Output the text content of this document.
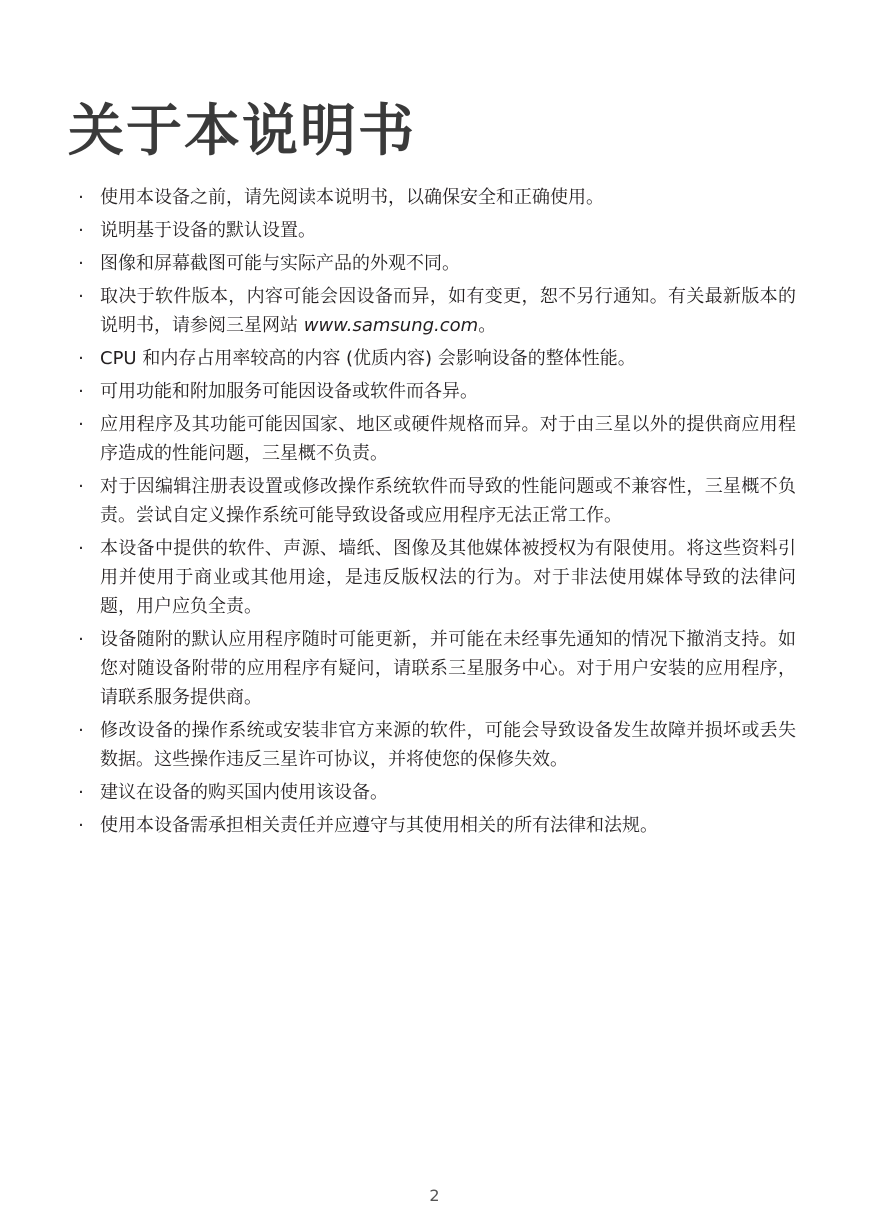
关于本说明书
· 使用本设备之前，请先阅读本说明书，以确保安全和正确使用。
· 说明基于设备的默认设置。
· 图像和屏幕截图可能与实际产品的外观不同。
· 取决于软件版本，内容可能会因设备而异，如有变更，恕不另行通知。有关最新版本的说明书，请参阅三星网站 www.samsung.com。
· CPU 和内存占用率较高的内容 (优质内容) 会影响设备的整体性能。
· 可用功能和附加服务可能因设备或软件而各异。
· 应用程序及其功能可能因国家、地区或硬件规格而异。对于由三星以外的提供商应用程序造成的性能问题，三星概不负责。
· 对于因编辑注册表设置或修改操作系统软件而导致的性能问题或不兼容性，三星概不负责。尝试自定义操作系统可能导致设备或应用程序无法正常工作。
· 本设备中提供的软件、声源、墙纸、图像及其他媒体被授权为有限使用。将这些资料引用并使用于商业或其他用途，是违反版权法的行为。对于非法使用媒体导致的法律问题，用户应负全责。
· 设备随附的默认应用程序随时可能更新，并可能在未经事先通知的情况下撤消支持。如您对随设备附带的应用程序有疑问，请联系三星服务中心。对于用户安装的应用程序，请联系服务提供商。
· 修改设备的操作系统或安装非官方来源的软件，可能会导致设备发生故障并损坏或丢失数据。这些操作违反三星许可协议，并将使您的保修失效。
· 建议在设备的购买国内使用该设备。
· 使用本设备需承担相关责任并应遵守与其使用相关的所有法律和法规。
2
